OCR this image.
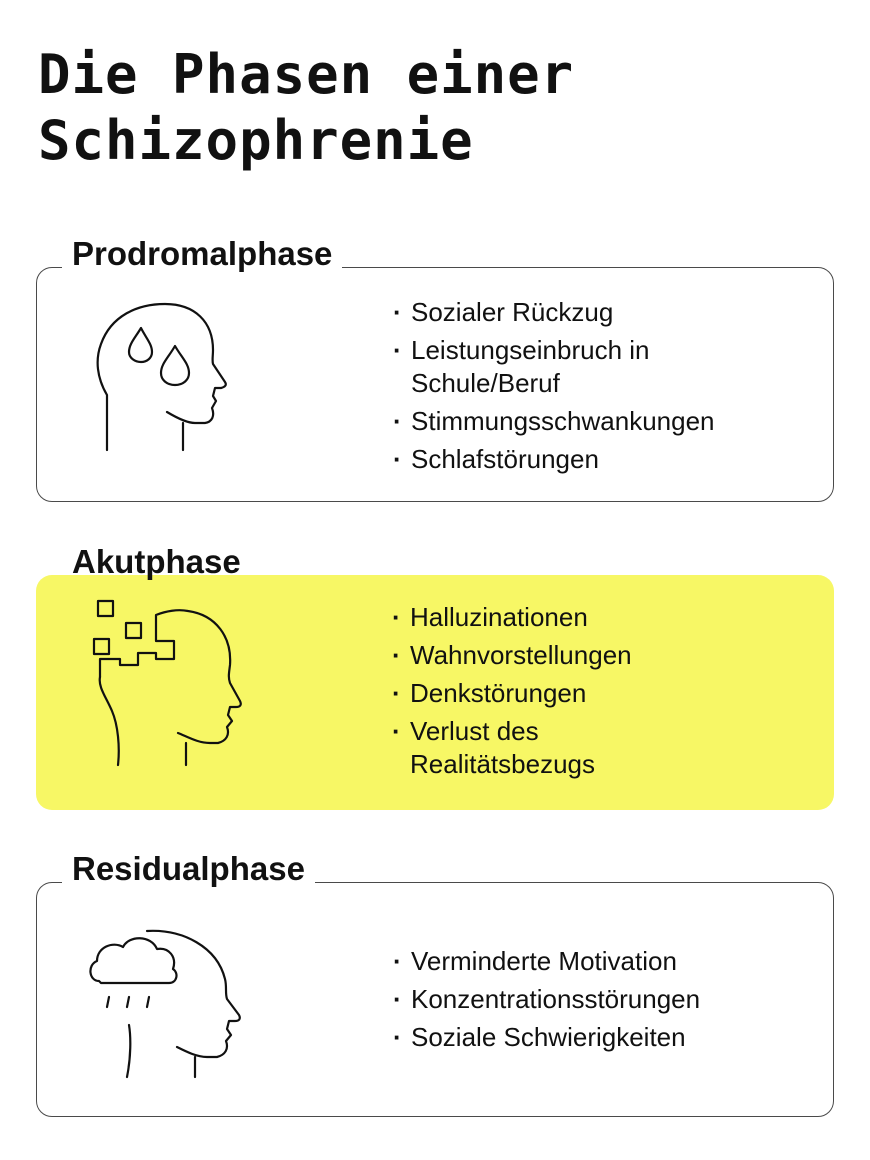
Die Phasen einer
Schizophrenie
· Sozialer Rückzug
· Leistungseinbruch in Schule/Beruf
· Stimmungsschwankungen
· Schlafstörungen
Prodromalphase
· Halluzinationen
· Wahnvorstellungen
· Denkstörungen
· Verlust des Realitätsbezugs
Akutphase
· Verminderte Motivation
· Konzentrationsstörungen
· Soziale Schwierigkeiten
Residualphase
